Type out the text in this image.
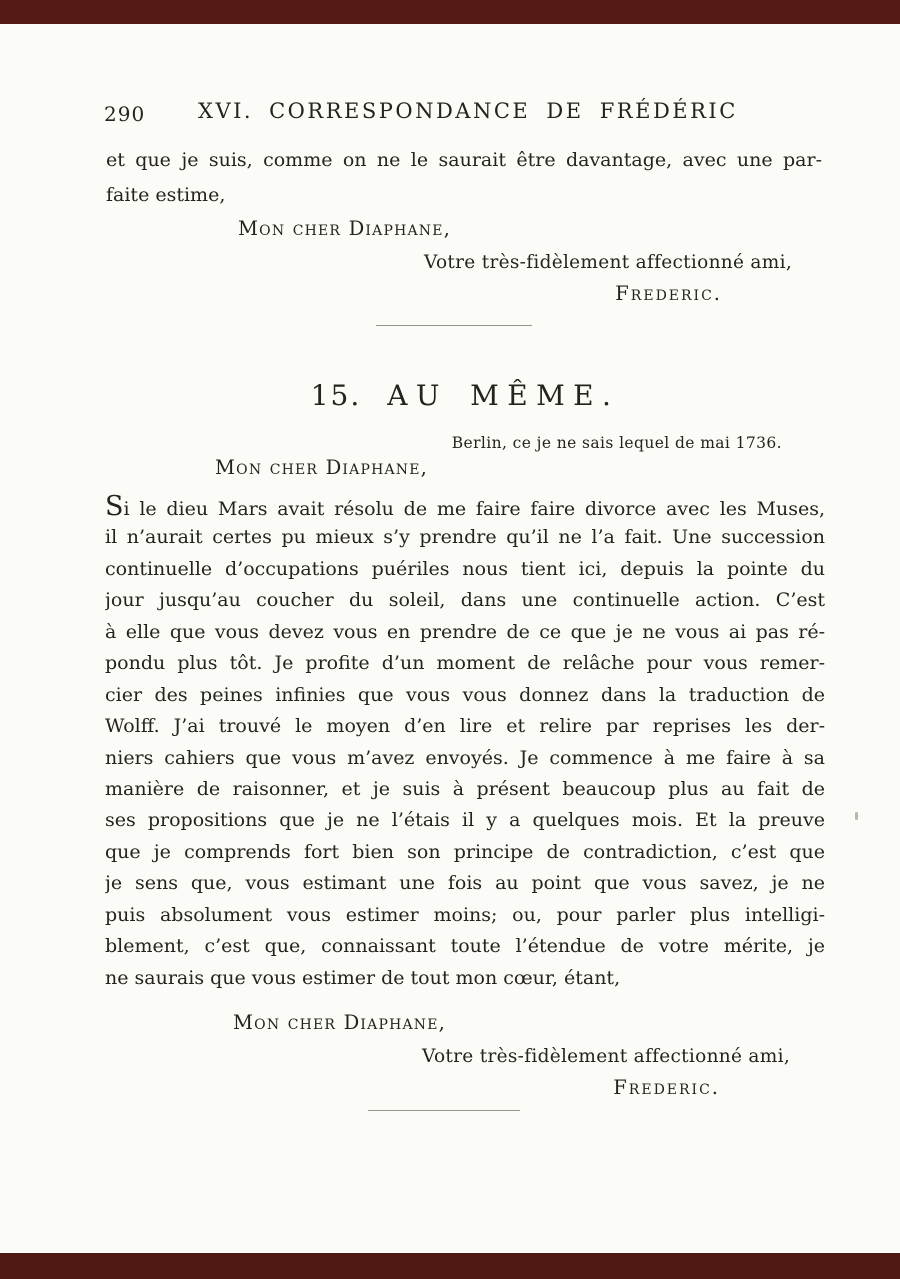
290	XVI. CORRESPONDANCE DE FRÉDÉRIC
et que je suis, comme on ne le saurait être davantage, avec une par-
faite estime,
Mon cher Diaphane,
Votre très-fidèlement affectionné ami,
Frederic.
15. AU MÊME.
Berlin, ce je ne sais lequel de mai 1736.
Mon cher Diaphane,
Si le dieu Mars avait résolu de me faire faire divorce avec les Muses,
il n’aurait certes pu mieux s’y prendre qu’il ne l’a fait. Une succession
continuelle d’occupations puériles nous tient ici, depuis la pointe du
jour jusqu’au coucher du soleil, dans une continuelle action. C’est
à elle que vous devez vous en prendre de ce que je ne vous ai pas ré-
pondu plus tôt. Je profite d’un moment de relâche pour vous remer-
cier des peines infinies que vous vous donnez dans la traduction de
Wolff. J’ai trouvé le moyen d’en lire et relire par reprises les der-
niers cahiers que vous m’avez envoyés. Je commence à me faire à sa
manière de raisonner, et je suis à présent beaucoup plus au fait de
ses propositions que je ne l’étais il y a quelques mois. Et la preuve
que je comprends fort bien son principe de contradiction, c’est que
je sens que, vous estimant une fois au point que vous savez, je ne
puis absolument vous estimer moins; ou, pour parler plus intelligi-
blement, c’est que, connaissant toute l’étendue de votre mérite, je
ne saurais que vous estimer de tout mon cœur, étant,
Mon cher Diaphane,
Votre très-fidèlement affectionné ami,
Frederic.
